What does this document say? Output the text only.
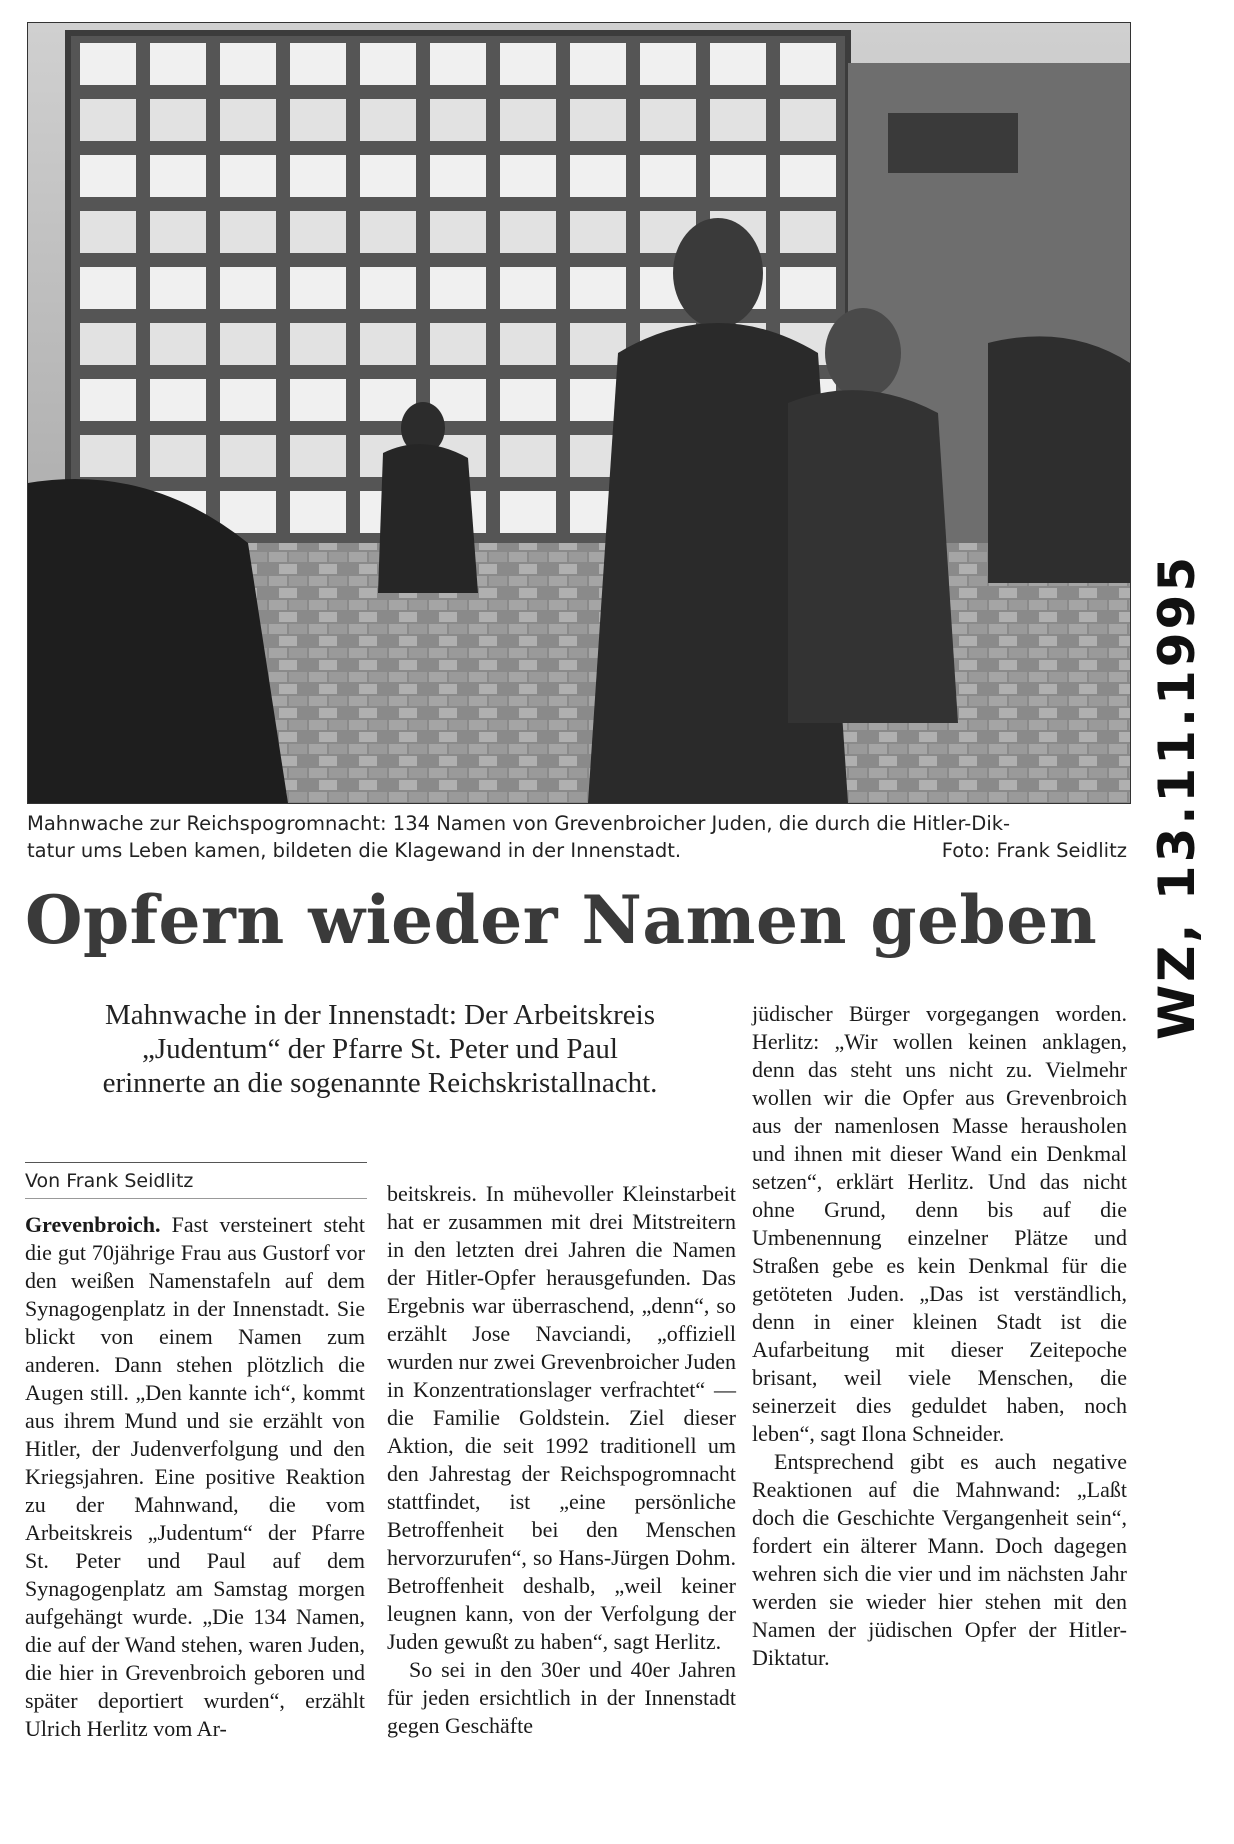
Mahnwache zur Reichspogromnacht: 134 Namen von Grevenbroicher Juden, die durch die Hitler-Dik-
tatur ums Leben kamen, bildeten die Klagewand in der Innenstadt.	Foto: Frank Seidlitz
Opfern wieder Namen geben
Mahnwache in der Innenstadt: Der Arbeitskreis „Judentum“ der Pfarre St. Peter und Paul erinnerte an die sogenannte Reichskristallnacht.
Von Frank Seidlitz

Grevenbroich. Fast versteinert steht die gut 70jährige Frau aus Gustorf vor den weißen Namenstafeln auf dem Synagogenplatz in der Innenstadt. Sie blickt von einem Namen zum anderen. Dann stehen plötzlich die Augen still. „Den kannte ich“, kommt aus ihrem Mund und sie erzählt von Hitler, der Judenverfolgung und den Kriegsjahren. Eine positive Reaktion zu der Mahnwand, die vom Arbeitskreis „Judentum“ der Pfarre St. Peter und Paul auf dem Synagogenplatz am Samstag morgen aufgehängt wurde. „Die 134 Namen, die auf der Wand stehen, waren Juden, die hier in Grevenbroich geboren und später deportiert wurden“, erzählt Ulrich Herlitz vom Ar-

beitskreis. In mühevoller Kleinstarbeit hat er zusammen mit drei Mitstreitern in den letzten drei Jahren die Namen der Hitler-Opfer herausgefunden. Das Ergebnis war überraschend, „denn“, so erzählt Jose Navciandi, „offiziell wurden nur zwei Grevenbroicher Juden in Konzentrationslager verfrachtet“ — die Familie Goldstein. Ziel dieser Aktion, die seit 1992 traditionell um den Jahrestag der Reichspogromnacht stattfindet, ist „eine persönliche Betroffenheit bei den Menschen hervorzurufen“, so Hans-Jürgen Dohm. Betroffenheit deshalb, „weil keiner leugnen kann, von der Verfolgung der Juden gewußt zu haben“, sagt Herlitz.

So sei in den 30er und 40er Jahren für jeden ersichtlich in der Innenstadt gegen Geschäfte

jüdischer Bürger vorgegangen worden. Herlitz: „Wir wollen keinen anklagen, denn das steht uns nicht zu. Vielmehr wollen wir die Opfer aus Grevenbroich aus der namenlosen Masse herausholen und ihnen mit dieser Wand ein Denkmal setzen“, erklärt Herlitz. Und das nicht ohne Grund, denn bis auf die Umbenennung einzelner Plätze und Straßen gebe es kein Denkmal für die getöteten Juden. „Das ist verständlich, denn in einer kleinen Stadt ist die Aufarbeitung mit dieser Zeitepoche brisant, weil viele Menschen, die seinerzeit dies geduldet haben, noch leben“, sagt Ilona Schneider.

Entsprechend gibt es auch negative Reaktionen auf die Mahnwand: „Laßt doch die Geschichte Vergangenheit sein“, fordert ein älterer Mann. Doch dagegen wehren sich die vier und im nächsten Jahr werden sie wieder hier stehen mit den Namen der jüdischen Opfer der Hitler-Diktatur.

WZ, 13.11.1995
